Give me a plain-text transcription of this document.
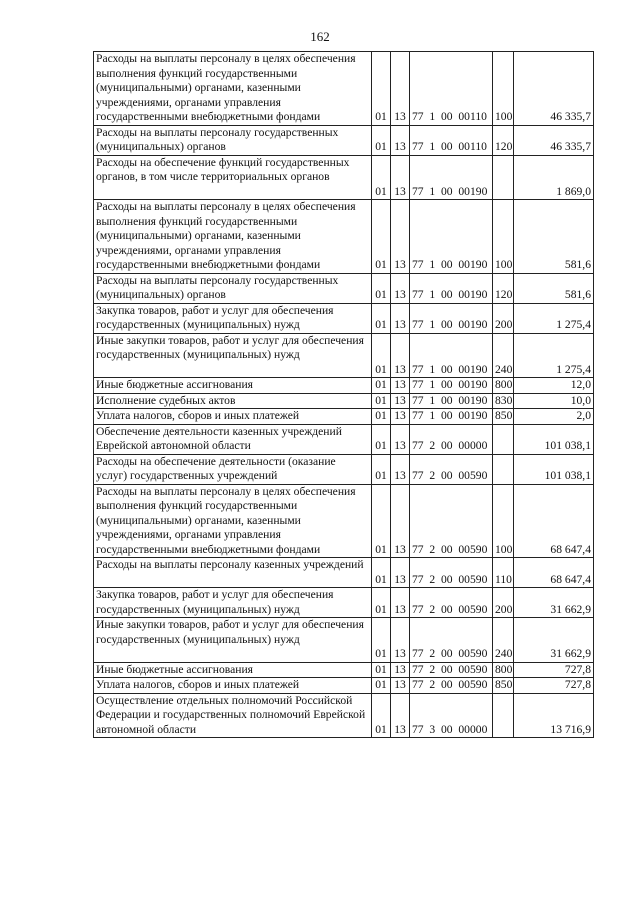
162
Расходы на выплаты персоналу в целях обеспечения выполнения функций государственными (муниципальными) органами, казенными учреждениями, органами управления государственными внебюджетными фондами	01	13	77  1  00  00110	100	46 335,7
Расходы на выплаты персоналу государственных (муниципальных) органов	01	13	77  1  00  00110	120	46 335,7
Расходы на обеспечение функций государственных органов, в том числе территориальных органов	01	13	77  1  00  00190		1 869,0
Расходы на выплаты персоналу в целях обеспечения выполнения функций государственными (муниципальными) органами, казенными учреждениями, органами управления государственными внебюджетными фондами	01	13	77  1  00  00190	100	581,6
Расходы на выплаты персоналу государственных (муниципальных) органов	01	13	77  1  00  00190	120	581,6
Закупка товаров, работ и услуг для обеспечения государственных (муниципальных) нужд	01	13	77  1  00  00190	200	1 275,4
Иные закупки товаров, работ и услуг для обеспечения государственных (муниципальных) нужд	01	13	77  1  00  00190	240	1 275,4
Иные бюджетные ассигнования	01	13	77  1  00  00190	800	12,0
Исполнение судебных актов	01	13	77  1  00  00190	830	10,0
Уплата налогов, сборов и иных платежей	01	13	77  1  00  00190	850	2,0
Обеспечение деятельности казенных учреждений Еврейской автономной области	01	13	77  2  00  00000		101 038,1
Расходы на обеспечение деятельности (оказание услуг) государственных учреждений	01	13	77  2  00  00590		101 038,1
Расходы на выплаты персоналу в целях обеспечения выполнения функций государственными (муниципальными) органами, казенными учреждениями, органами управления государственными внебюджетными фондами	01	13	77  2  00  00590	100	68 647,4
Расходы на выплаты персоналу казенных учреждений	01	13	77  2  00  00590	110	68 647,4
Закупка товаров, работ и услуг для обеспечения государственных (муниципальных) нужд	01	13	77  2  00  00590	200	31 662,9
Иные закупки товаров, работ и услуг для обеспечения государственных (муниципальных) нужд	01	13	77  2  00  00590	240	31 662,9
Иные бюджетные ассигнования	01	13	77  2  00  00590	800	727,8
Уплата налогов, сборов и иных платежей	01	13	77  2  00  00590	850	727,8
Осуществление отдельных полномочий Российской Федерации и государственных полномочий Еврейской автономной области	01	13	77  3  00  00000		13 716,9
